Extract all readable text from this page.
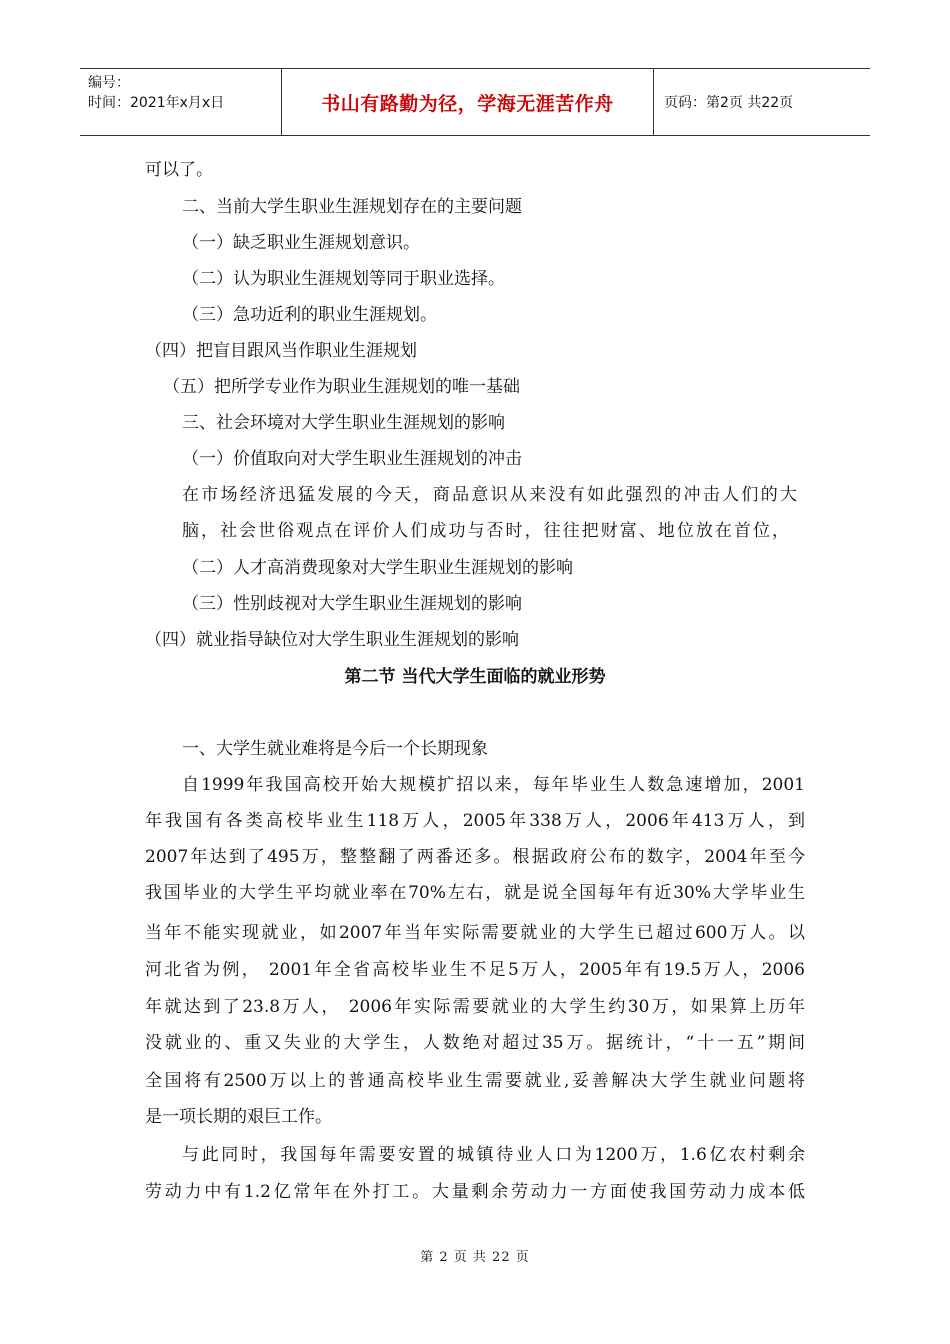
编号：
时间：2021年x月x日	书山有路勤为径，学海无涯苦作舟	页码：第2页 共22页
可以了。
二、当前大学生职业生涯规划存在的主要问题
（一）缺乏职业生涯规划意识。
（二）认为职业生涯规划等同于职业选择。
（三）急功近利的职业生涯规划。
（四）把盲目跟风当作职业生涯规划
（五）把所学专业作为职业生涯规划的唯一基础
三、社会环境对大学生职业生涯规划的影响
（一）价值取向对大学生职业生涯规划的冲击
在市场经济迅猛发展的今天，商品意识从来没有如此强烈的冲击人们的大
脑，社会世俗观点在评价人们成功与否时，往往把财富、地位放在首位，
（二）人才高消费现象对大学生职业生涯规划的影响
（三）性别歧视对大学生职业生涯规划的影响
（四）就业指导缺位对大学生职业生涯规划的影响
第二节 当代大学生面临的就业形势
一、大学生就业难将是今后一个长期现象
自1999年我国高校开始大规模扩招以来，每年毕业生人数急速增加，2001
年我国有各类高校毕业生118万人，2005年338万人，2006年413万人，到
2007年达到了495万，整整翻了两番还多。根据政府公布的数字，2004年至今
我国毕业的大学生平均就业率在70%左右，就是说全国每年有近30%大学毕业生
当年不能实现就业，如2007年当年实际需要就业的大学生已超过600万人。以
河北省为例， 2001年全省高校毕业生不足5万人，2005年有19.5万人，2006
年就达到了23.8万人， 2006年实际需要就业的大学生约30万，如果算上历年
没就业的、重又失业的大学生，人数绝对超过35万。据统计，“十一五”期间
全国将有2500万以上的普通高校毕业生需要就业,妥善解决大学生就业问题将
是一项长期的艰巨工作。
与此同时，我国每年需要安置的城镇待业人口为1200万，1.6亿农村剩余
劳动力中有1.2亿常年在外打工。大量剩余劳动力一方面使我国劳动力成本低
第 2 页 共 22 页
